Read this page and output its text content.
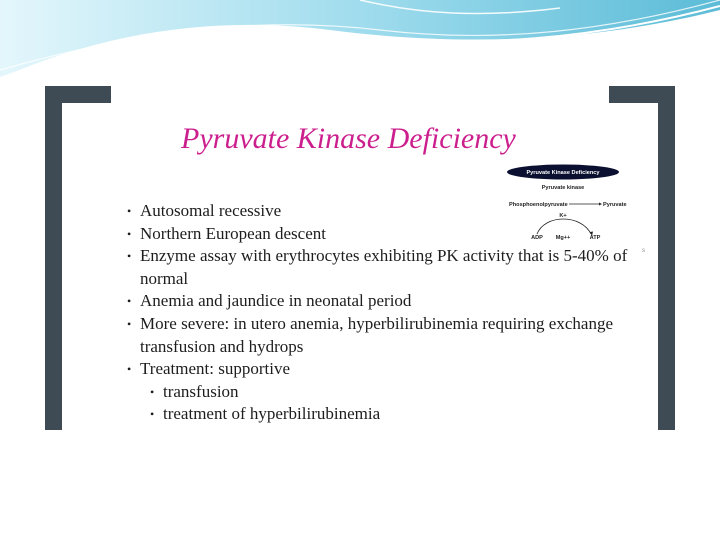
Pyruvate Kinase Deficiency
Pyruvate Kinase Deficiency
Pyruvate kinase
Phosphoenolpyruvate	Pyruvate
K+
ADP Mg++	ATP
s
• Autosomal recessive
• Northern European descent
• Enzyme assay with erythrocytes exhibiting PK activity that is 5-40% of normal
• Anemia and jaundice in neonatal period
• More severe: in utero anemia, hyperbilirubinemia requiring exchange transfusion and hydrops
• Treatment: supportive
• transfusion
• treatment of hyperbilirubinemia
